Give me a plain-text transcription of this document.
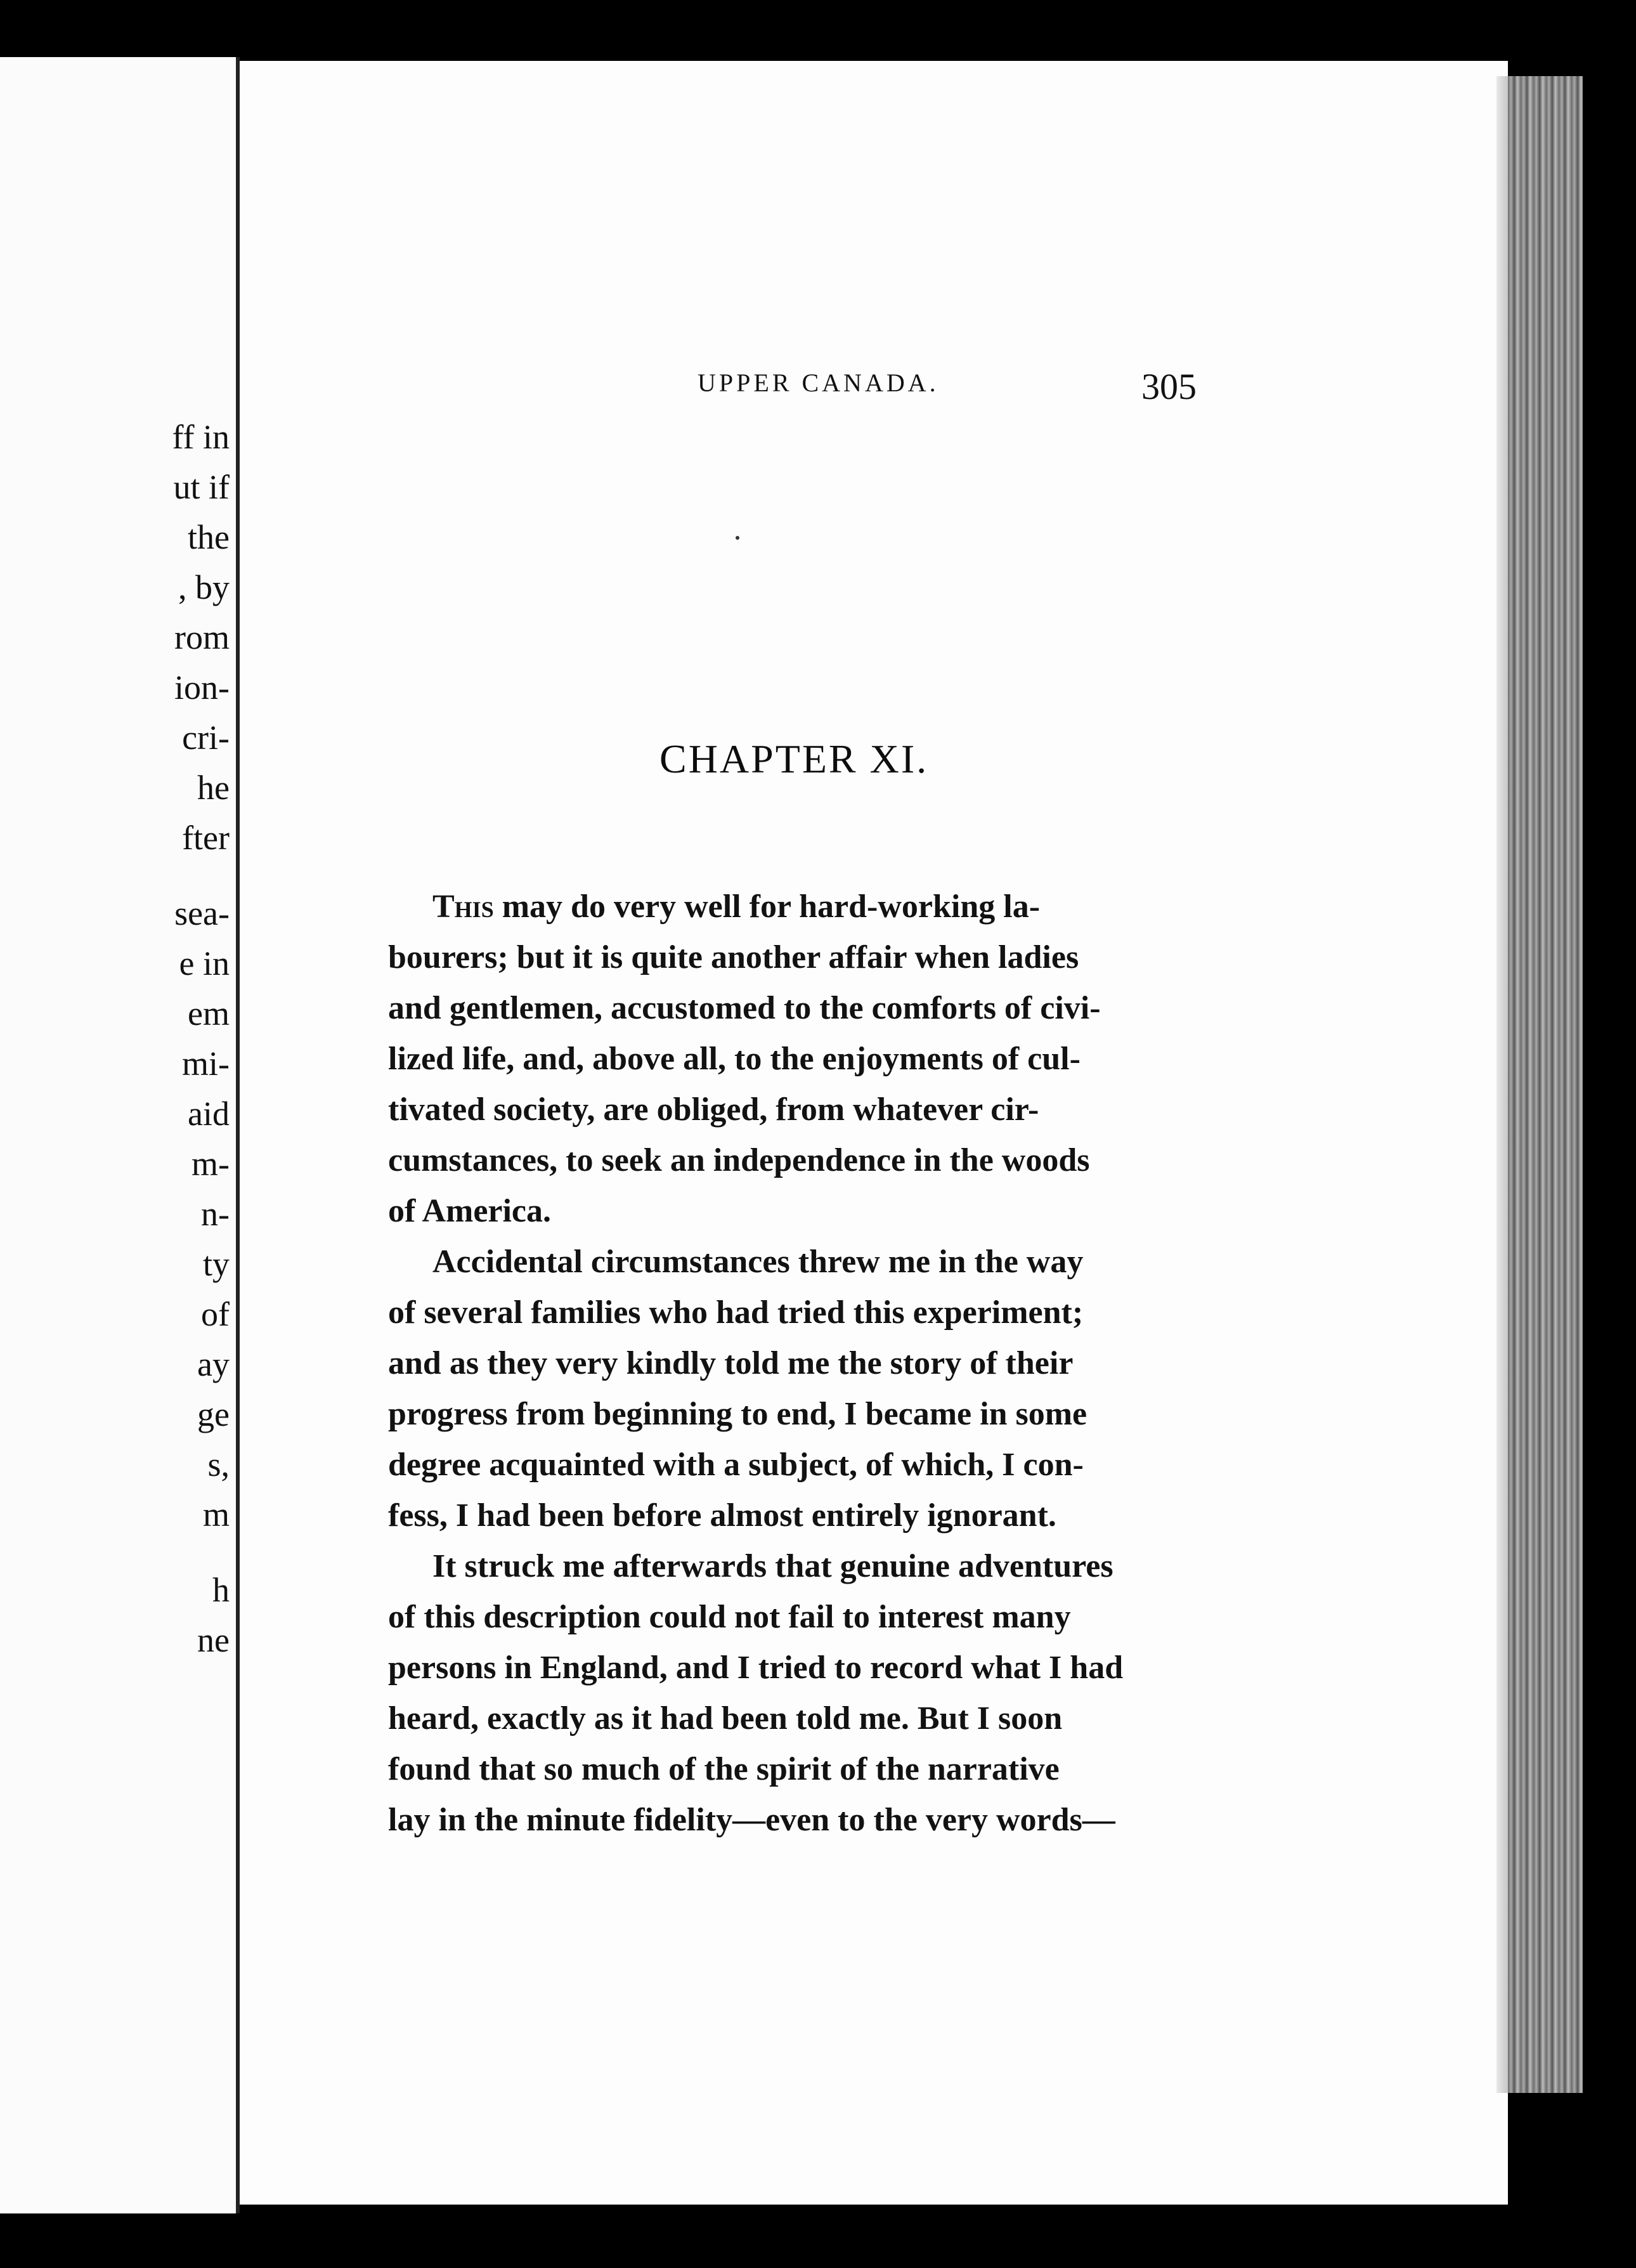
ff in
ut if
the
, by
rom
ion-
cri-
he
fter
sea-
e in
em
mi-
aid
m-
n-
ty
of
ay
ge
s,
m
h
ne
UPPER CANADA.	305
CHAPTER XI.
This may do very well for hard-working la-
bourers; but it is quite another affair when ladies
and gentlemen, accustomed to the comforts of civi-
lized life, and, above all, to the enjoyments of cul-
tivated society, are obliged, from whatever cir-
cumstances, to seek an independence in the woods
of America.
Accidental circumstances threw me in the way
of several families who had tried this experiment;
and as they very kindly told me the story of their
progress from beginning to end, I became in some
degree acquainted with a subject, of which, I con-
fess, I had been before almost entirely ignorant.
It struck me afterwards that genuine adventures
of this description could not fail to interest many
persons in England, and I tried to record what I had
heard, exactly as it had been told me. But I soon
found that so much of the spirit of the narrative
lay in the minute fidelity—even to the very words—
